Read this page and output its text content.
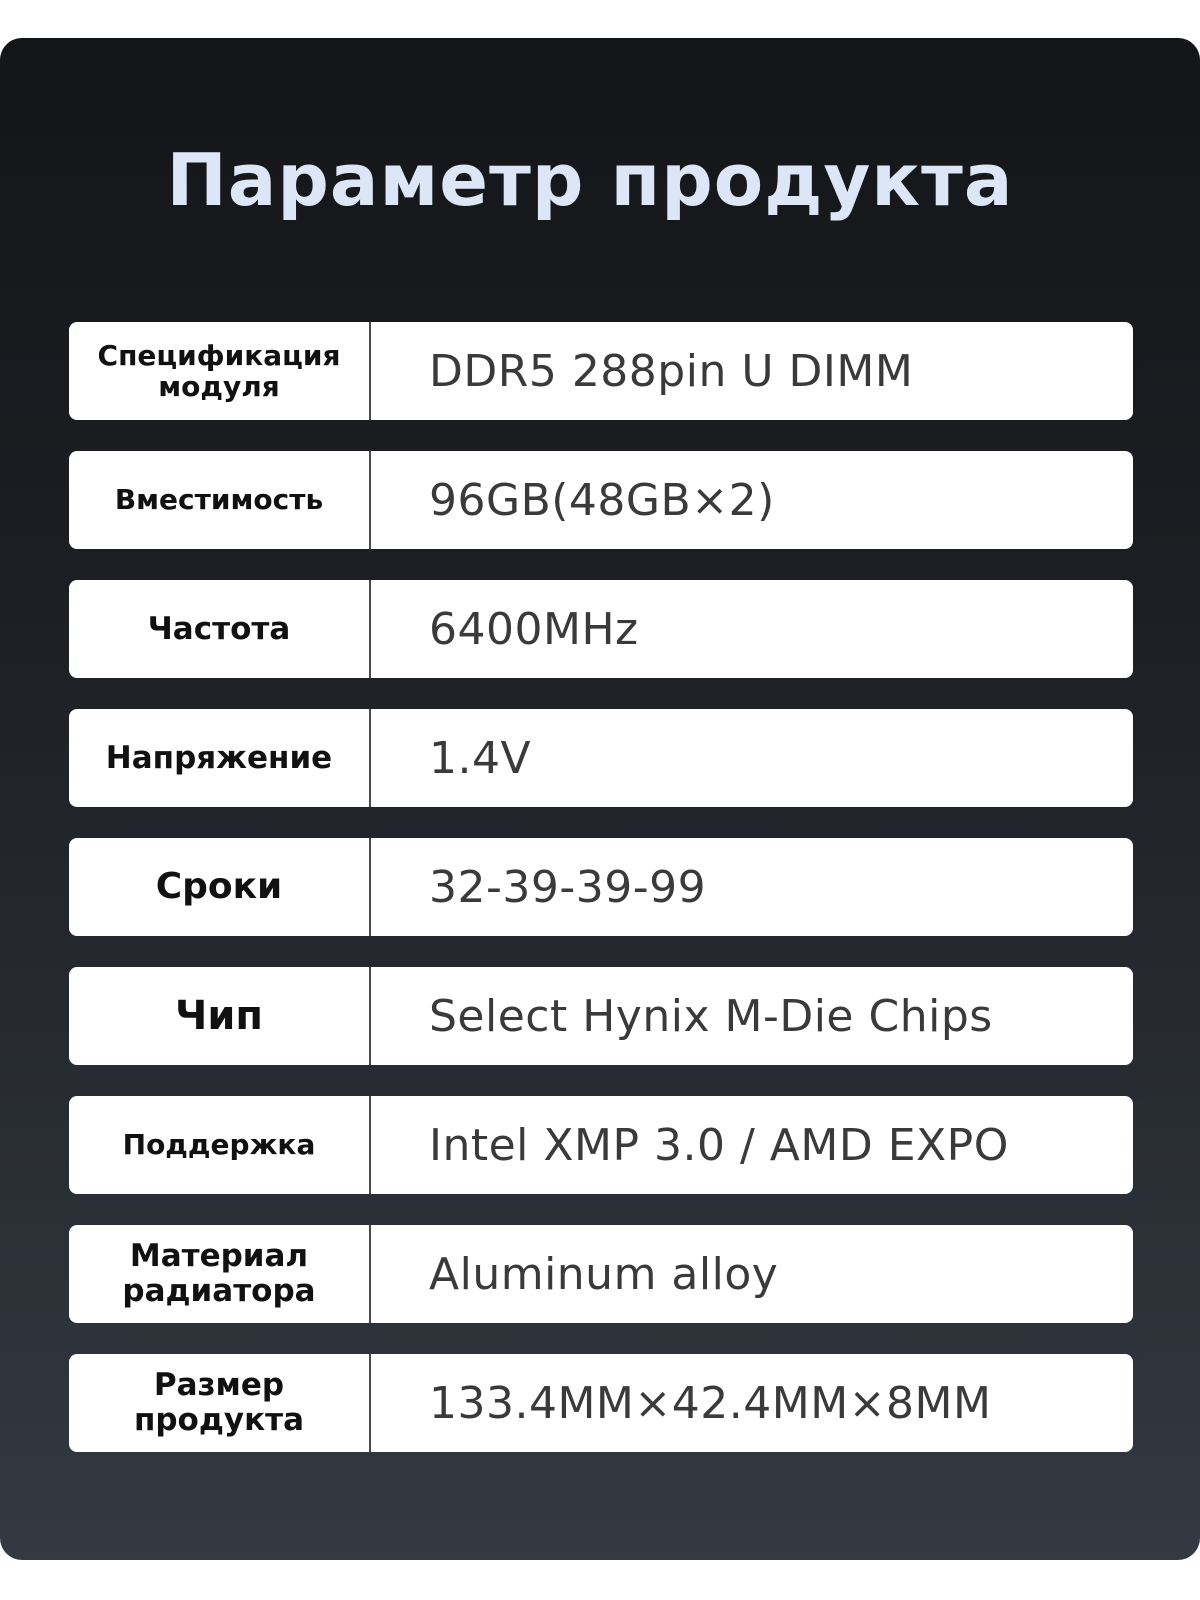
Параметр продукта
Спецификация
модуля	DDR5 288pin U DIMM
Вместимость	96GB(48GB×2)
Частота	6400MHz
Напряжение	1.4V
Сроки	32-39-39-99
Чип	Select Hynix M-Die Chips
Поддержка	Intel XMP 3.0 / AMD EXPO
Материал
радиатора	Aluminum alloy
Размер
продукта	133.4MM×42.4MM×8MM
